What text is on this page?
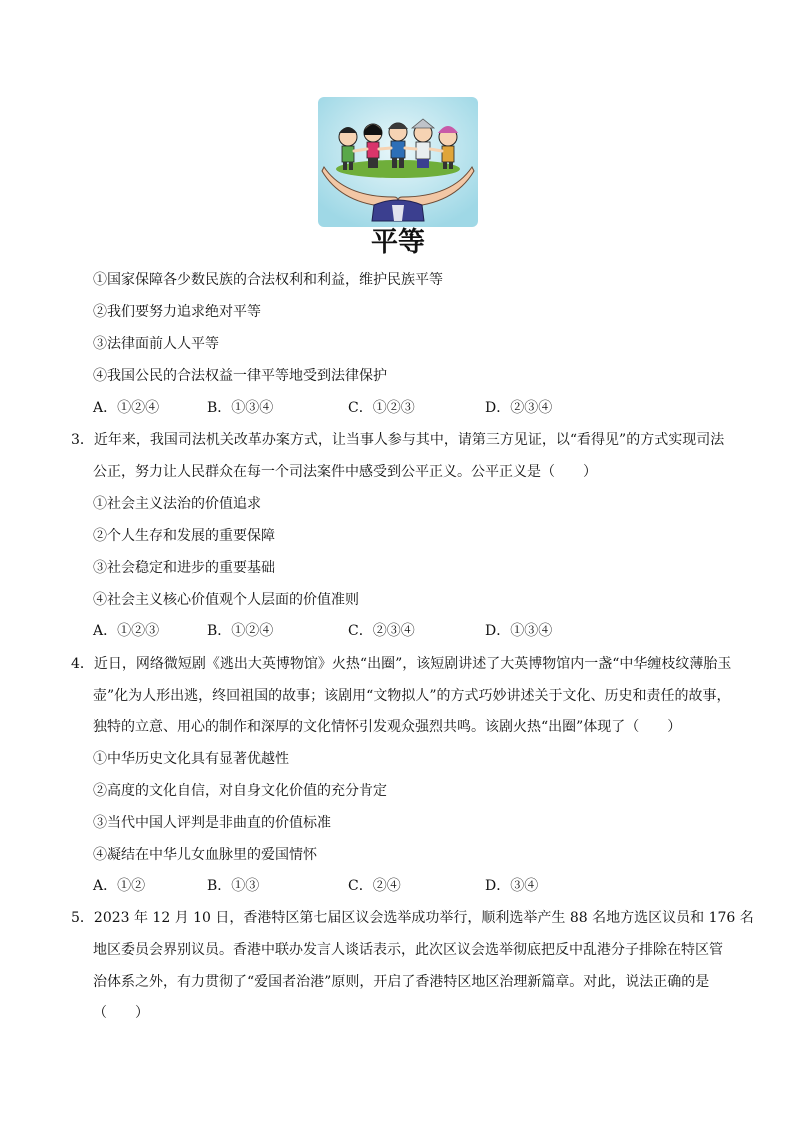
平等
①国家保障各少数民族的合法权利和利益，维护民族平等
②我们要努力追求绝对平等
③法律面前人人平等
④我国公民的合法权益一律平等地受到法律保护
A．①②④	B．①③④	C．①②③	D．②③④
3．近年来，我国司法机关改革办案方式，让当事人参与其中，请第三方见证，以“看得见”的方式实现司法
公正，努力让人民群众在每一个司法案件中感受到公平正义。公平正义是（　　）
①社会主义法治的价值追求
②个人生存和发展的重要保障
③社会稳定和进步的重要基础
④社会主义核心价值观个人层面的价值准则
A．①②③	B．①②④	C．②③④	D．①③④
4．近日，网络微短剧《逃出大英博物馆》火热“出圈”，该短剧讲述了大英博物馆内一盏“中华缠枝纹薄胎玉
壶”化为人形出逃，终回祖国的故事；该剧用“文物拟人”的方式巧妙讲述关于文化、历史和责任的故事，
独特的立意、用心的制作和深厚的文化情怀引发观众强烈共鸣。该剧火热“出圈”体现了（　　）
①中华历史文化具有显著优越性
②高度的文化自信，对自身文化价值的充分肯定
③当代中国人评判是非曲直的价值标准
④凝结在中华儿女血脉里的爱国情怀
A．①②	B．①③	C．②④	D．③④
5．2023 年 12 月 10 日，香港特区第七届区议会选举成功举行，顺利选举产生 88 名地方选区议员和 176 名
地区委员会界别议员。香港中联办发言人谈话表示，此次区议会选举彻底把反中乱港分子排除在特区管
治体系之外，有力贯彻了“爱国者治港”原则，开启了香港特区地区治理新篇章。对此，说法正确的是
（　　）
